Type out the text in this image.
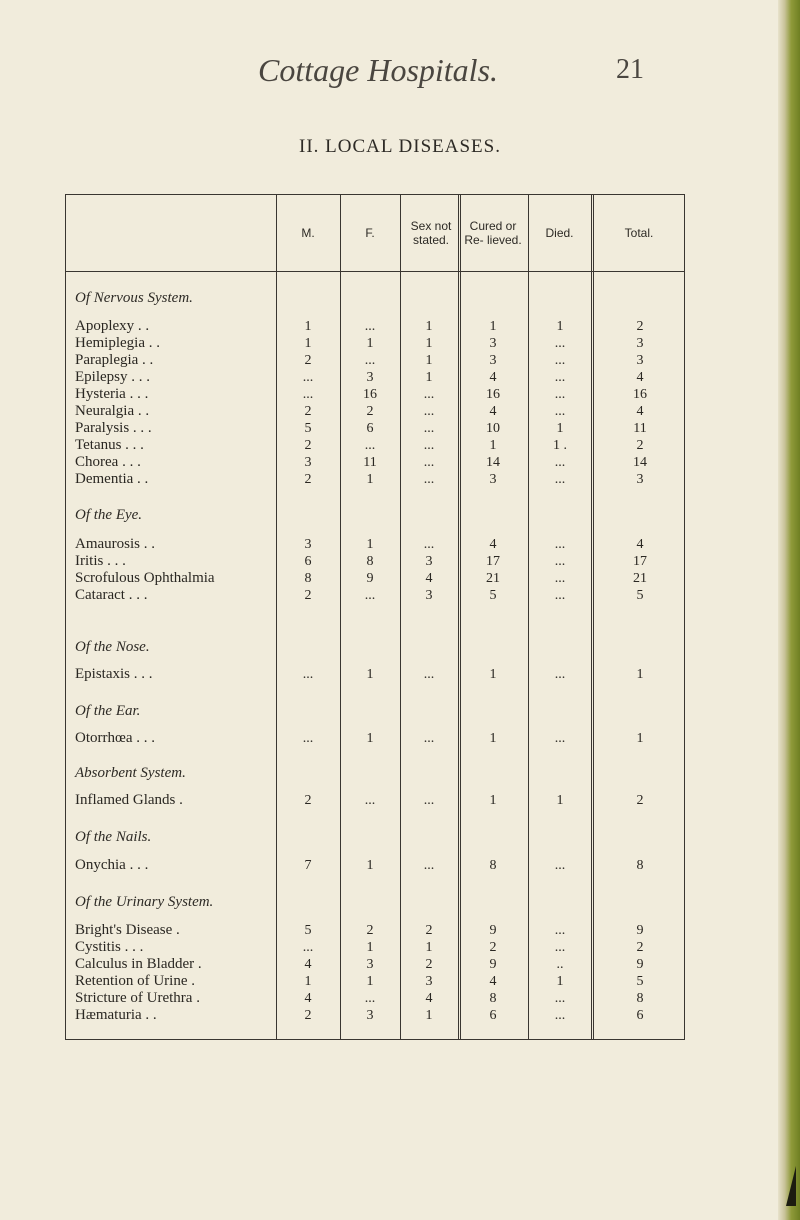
Cottage Hospitals.	21
II. LOCAL DISEASES.
M.	F.	Sex not stated.
Cured or Re- lieved.	Died.	Total.
Of Nervous System.
Apoplexy . .	1	...	1	1	1	2
Hemiplegia . .	1	1	1	3	...	3
Paraplegia . .	2	...	1	3	...	3
Epilepsy . . .	...	3	1	4	...	4
Hysteria . . .	...	16	...	16	...	16
Neuralgia . .	2	2	...	4	...	4
Paralysis . . .	5	6	...	10	1	11
Tetanus . . .	2	...	...	1	1 .	2
Chorea . . .	3	11	...	14	...	14
Dementia . .	2	1	...	3	...	3
Of the Eye.
Amaurosis . .	3	1	...	4	...	4
Iritis . . .	6	8	3	17	...	17
Scrofulous Ophthalmia	8	9	4	21	...	21
Cataract . . .	2	...	3	5	...	5
Of the Nose.
Epistaxis . . .	...	1	...	1	...	1
Of the Ear.
Otorrhœa . . .	...	1	...	1	...	1
Absorbent System.
Inflamed Glands .	2	...	...	1	1	2
Of the Nails.
Onychia . . .	7	1	...	8	...	8
Of the Urinary System.
Bright's Disease .	5	2	2	9	...	9
Cystitis . . .	...	1	1	2	...	2
Calculus in Bladder .	4	3	2	9	..	9
Retention of Urine .	1	1	3	4	1	5
Stricture of Urethra .	4	...	4	8	...	8
Hæmaturia . .	2	3	1	6	...	6
